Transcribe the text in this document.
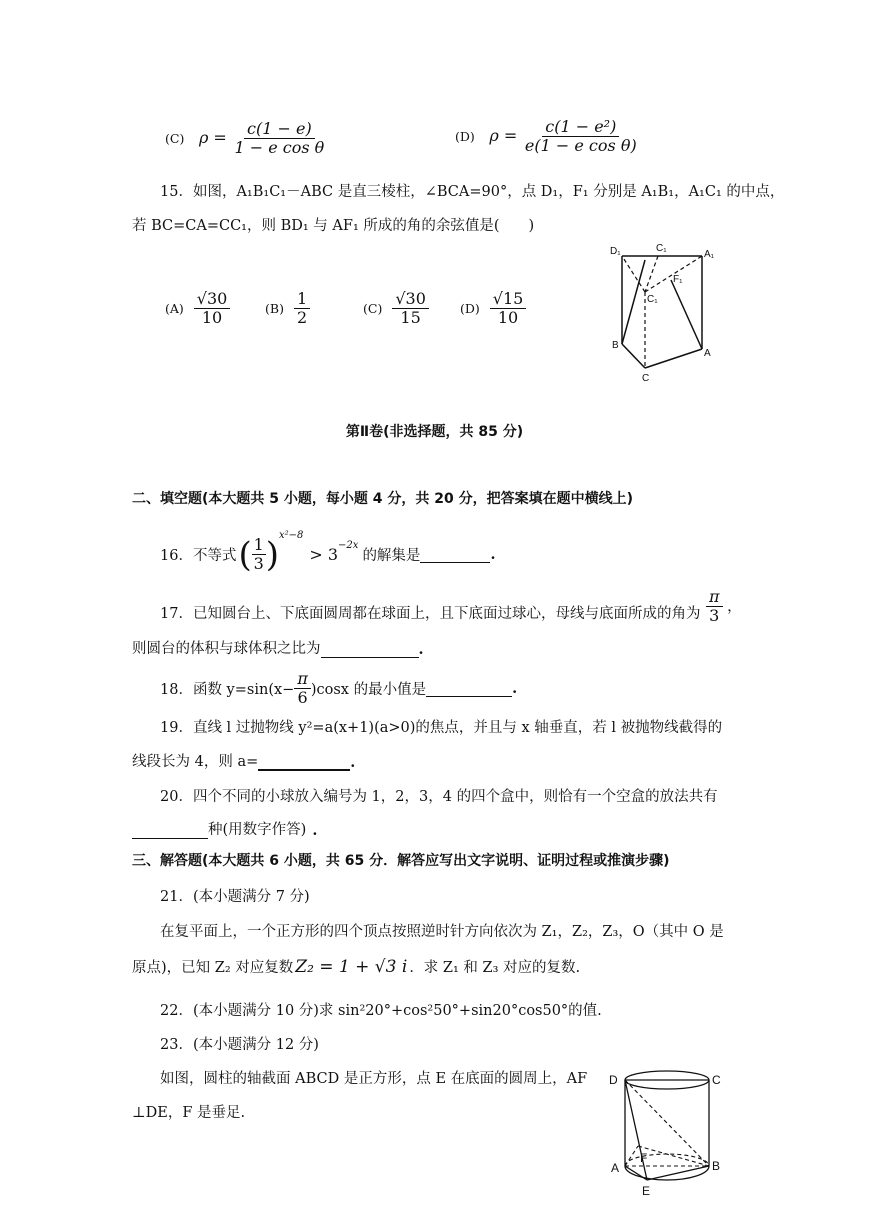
(C) $\rho = \frac{c(1 - e)}{\text{1 − e cos θ}}$	(D) $\rho = \frac{\text{c(1 − e²)}}{\text{e(1 − e cos θ)}}$
15．如图，A₁B₁C₁－ABC 是直三棱柱，∠BCA=90°，点 D₁，F₁ 分别是 A₁B₁，A₁C₁ 的中点，
若 BC=CA=CC₁，则 BD₁ 与 AF₁ 所成的角的余弦值是(　　)
$(A) \frac{√30}{10}$	$(B) \frac{1}{2}$	$(C) \frac{√30}{15} (D) \frac{√15}{10}$
D₁	C₁
A₁
F₁
C₁
B
A
C
第Ⅱ卷(非选择题，共 85 分)
二、填空题(本大题共 5 小题，每小题 4 分，共 20 分，把答案填在题中横线上)
16．不等式 ( $\frac{1}{3}$ ) x²−8
> 3 −2x
的解集是	.
17．已知圆台上、下底面圆周都在球面上，且下底面过球心，母线与底面所成的角为 $\frac{\pi}{3}$ ，
则圆台的体积与球体积之比为	.
18．函数 $y=\sin(x- \frac{\pi}{6} )\cos x$ 的最小值是	.
19．直线 l 过抛物线 y²=a(x+1)(a>0)的焦点，并且与 x 轴垂直，若 l 被抛物线截得的
线段长为 4，则 a=	.
20．四个不同的小球放入编号为 1，2，3，4 的四个盒中，则恰有一个空盒的放法共有
种(用数字作答) .
三、解答题(本大题共 6 小题，共 65 分．解答应写出文字说明、证明过程或推演步骤)
21．(本小题满分 7 分)
在复平面上，一个正方形的四个顶点按照逆时针方向依次为 Z₁，Z₂，Z₃，O（其中 O 是
原点)，已知 Z₂ 对应复数 Z₂ = 1 + √3 i ．求 Z₁ 和 Z₃ 对应的复数.
22．(本小题满分 10 分)求 sin²20°+cos²50°+sin20°cos50°的值.
23．(本小题满分 12 分)
如图，圆柱的轴截面 ABCD 是正方形，点 E 在底面的圆周上，AF
⊥DE，F 是垂足.
D	C
A	B
F
E
